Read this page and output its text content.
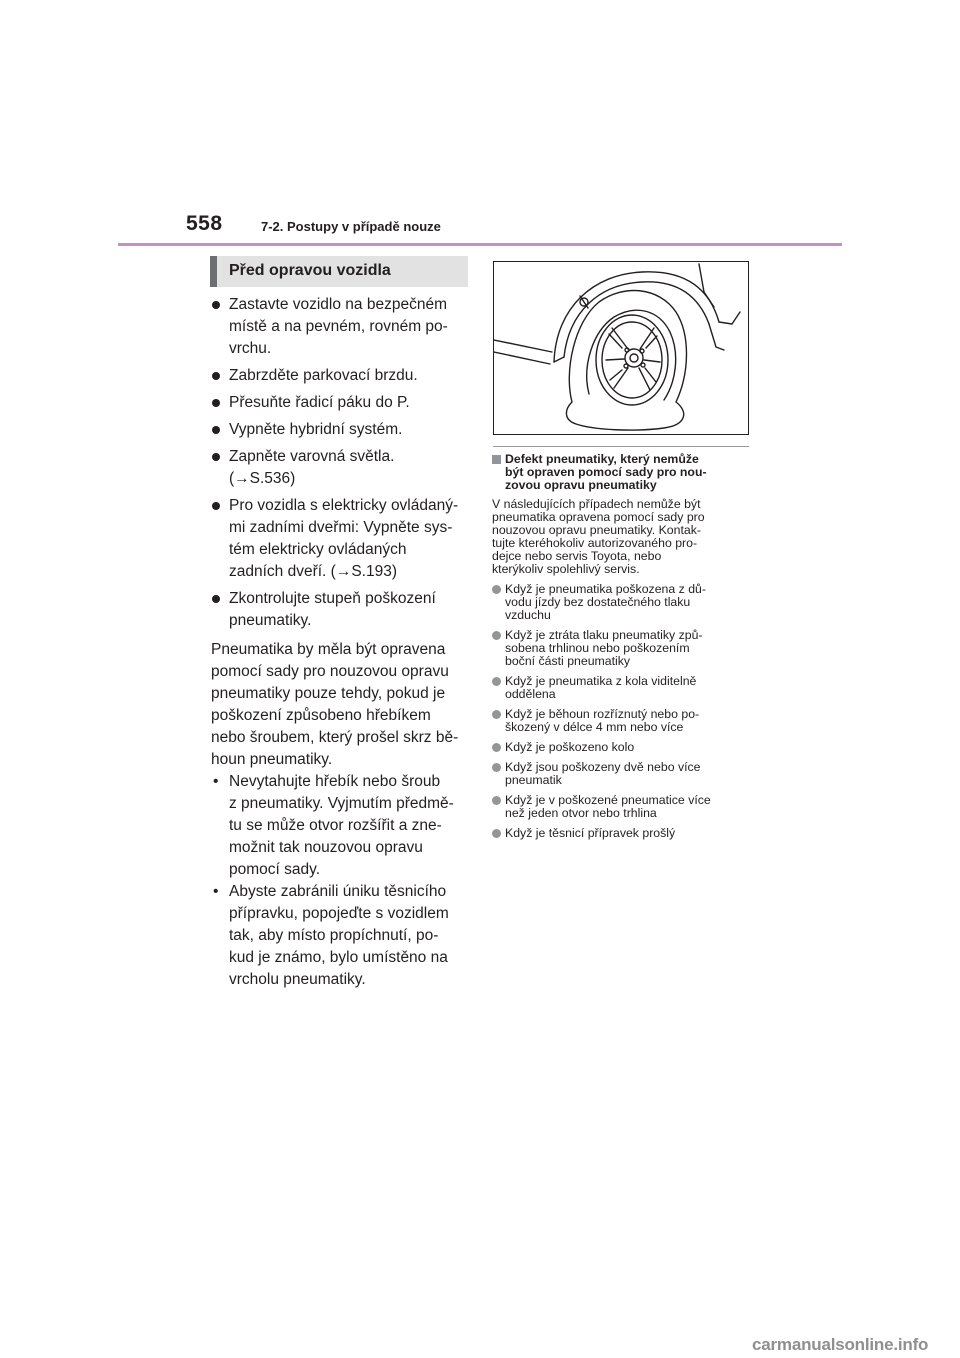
558	7-2. Postupy v případě nouze
Před opravou vozidla
Zastavte vozidlo na bezpečném
místě a na pevném, rovném po-
vrchu.
Zabrzděte parkovací brzdu.
Přesuňte řadicí páku do P.
Vypněte hybridní systém.
Zapněte varovná světla.
(→S.536)
Pro vozidla s elektricky ovládaný-
mi zadními dveřmi: Vypněte sys-
tém elektricky ovládaných
zadních dveří. (→S.193)
Zkontrolujte stupeň poškození
pneumatiky.
Pneumatika by měla být opravena
pomocí sady pro nouzovou opravu
pneumatiky pouze tehdy, pokud je
poškození způsobeno hřebíkem
nebo šroubem, který prošel skrz bě-
houn pneumatiky.
• Nevytahujte hřebík nebo šroub
z pneumatiky. Vyjmutím předmě-
tu se může otvor rozšířit a zne-
možnit tak nouzovou opravu
pomocí sady.
• Abyste zabránili úniku těsnicího
přípravku, popojeďte s vozidlem
tak, aby místo propíchnutí, po-
kud je známo, bylo umístěno na
vrcholu pneumatiky.
Defekt pneumatiky, který nemůže
být opraven pomocí sady pro nou-
zovou opravu pneumatiky
V následujících případech nemůže být
pneumatika opravena pomocí sady pro
nouzovou opravu pneumatiky. Kontak-
tujte kteréhokoliv autorizovaného pro-
dejce nebo servis Toyota, nebo
kterýkoliv spolehlivý servis.
Když je pneumatika poškozena z dů-
vodu jízdy bez dostatečného tlaku
vzduchu
Když je ztráta tlaku pneumatiky způ-
sobena trhlinou nebo poškozením
boční části pneumatiky
Když je pneumatika z kola viditelně
oddělena
Když je běhoun rozříznutý nebo po-
škozený v délce 4 mm nebo více
Když je poškozeno kolo
Když jsou poškozeny dvě nebo více
pneumatik
Když je v poškozené pneumatice více
než jeden otvor nebo trhlina
Když je těsnicí přípravek prošlý
carmanualsonline.info
